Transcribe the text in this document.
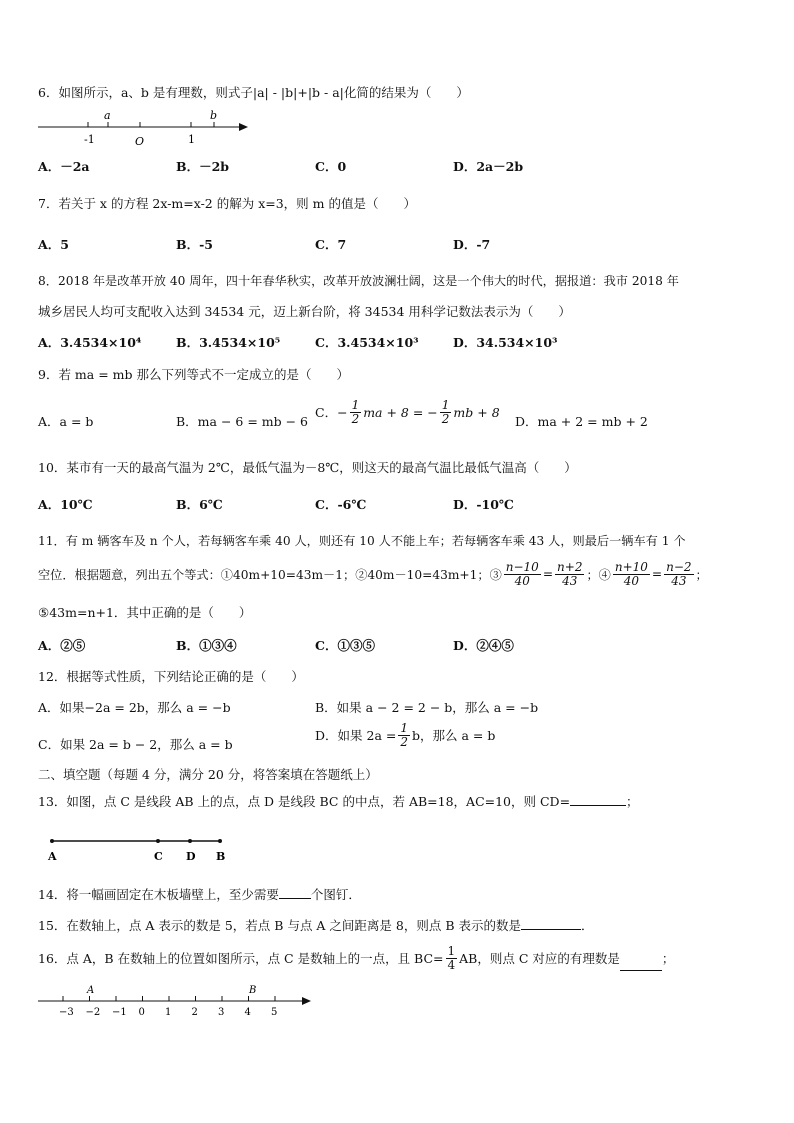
6．如图所示，a、b 是有理数，则式子|a| - |b|+|b - a|化简的结果为（　　）
-1
a
O	1
b
A．－2a	B．－2b	C．0	D．2a－2b
7．若关于 x 的方程 2x-m=x-2 的解为 x=3，则 m 的值是（　　）
A．5	B．-5	C．7	D．-7
8．2018 年是改革开放 40 周年，四十年春华秋实，改革开放波澜壮阔，这是一个伟大的时代，据报道：我市 2018 年
城乡居民人均可支配收入达到 34534 元，迈上新台阶，将 34534 用科学记数法表示为（　　）
A．3.4534×10⁴	B．3.4534×10⁵	C．3.4534×10³	D．34.534×10³
9．若 ma = mb 那么下列等式不一定成立的是（　　）
A．a = b	B．ma − 6 = mb − 6
C． − $\frac{1}{2}$ ma + 8 = − $\frac{1}{2}$ mb + 8
D．ma + 2 = mb + 2
10．某市有一天的最高气温为 2℃，最低气温为－8℃，则这天的最高气温比最低气温高（　　）
A．10℃	B．6℃	C．-6℃	D．-10℃
11．有 m 辆客车及 n 个人，若每辆客车乘 40 人，则还有 10 人不能上车；若每辆客车乘 43 人，则最后一辆车有 1 个
空位．根据题意，列出五个等式：①40m+10=43m－1；②40m－10=43m+1；③ $\frac{n-10}{40} = \frac{n+2}{43}$ ；④ $\frac{n+10}{40} = \frac{n-2}{43}$ ；
⑤43m=n+1．其中正确的是（　　）
A．②⑤	B．①③④	C．①③⑤	D．②④⑤
12．根据等式性质，下列结论正确的是（　　）
A．如果−2a = 2b，那么 a = −b	B．如果 a − 2 = 2 − b，那么 a = −b
C．如果 2a = b − 2，那么 a = b
D．如果 $2a = \frac{1}{2}$ b，那么 a = b
二、填空题（每题 4 分，满分 20 分，将答案填在答题纸上）
13．如图，点 C 是线段 AB 上的点，点 D 是线段 BC 的中点，若 AB=18，AC=10，则 CD=	；
A	C D B
14．将一幅画固定在木板墙壁上，至少需要	个图钉．
15．在数轴上，点 A 表示的数是 5，若点 B 与点 A 之间距离是 8，则点 B 表示的数是	．
16．点 A，B 在数轴上的位置如图所示，点 C 是数轴上的一点，且 $BC= \frac{1}{4}$ AB，则点 C 对应的有理数是	；
−3 −2 −1 0 1 2 3 4 5
A	B
